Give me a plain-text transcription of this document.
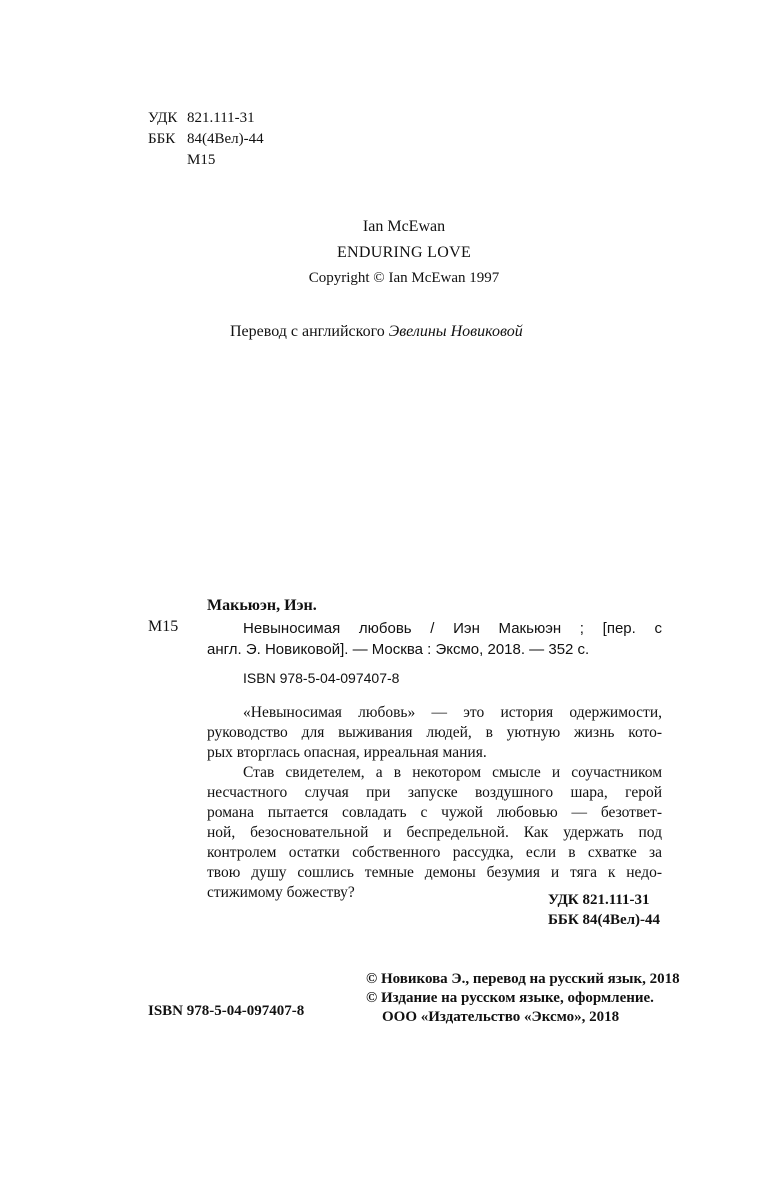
УДК 821.111-31
ББК 84(4Вел)-44
М15
Ian McEwan
ENDURING LOVE
Copyright © Ian McEwan 1997
Перевод с английского Эвелины Новиковой
Макьюэн, Иэн.
М15	Невыносимая любовь / Иэн Макьюэн ; [пер. с
англ. Э. Новиковой]. — Москва : Эксмо, 2018. — 352 с.
ISBN 978-5-04-097407-8
«Невыносимая любовь» — это история одержимости,
руководство для выживания людей, в уютную жизнь кото-
рых вторглась опасная, ирреальная мания.
Став свидетелем, а в некотором смысле и соучастником
несчастного случая при запуске воздушного шара, герой
романа пытается совладать с чужой любовью — безответ-
ной, безосновательной и беспредельной. Как удержать под
контролем остатки собственного рассудка, если в схватке за
твою душу сошлись темные демоны безумия и тяга к недо-
стижимому божеству?	УДК 821.111-31
ББК 84(4Вел)-44
© Новикова Э., перевод на русский язык, 2018
© Издание на русском языке, оформление.
ООО «Издательство «Эксмо», 2018
ISBN 978-5-04-097407-8
